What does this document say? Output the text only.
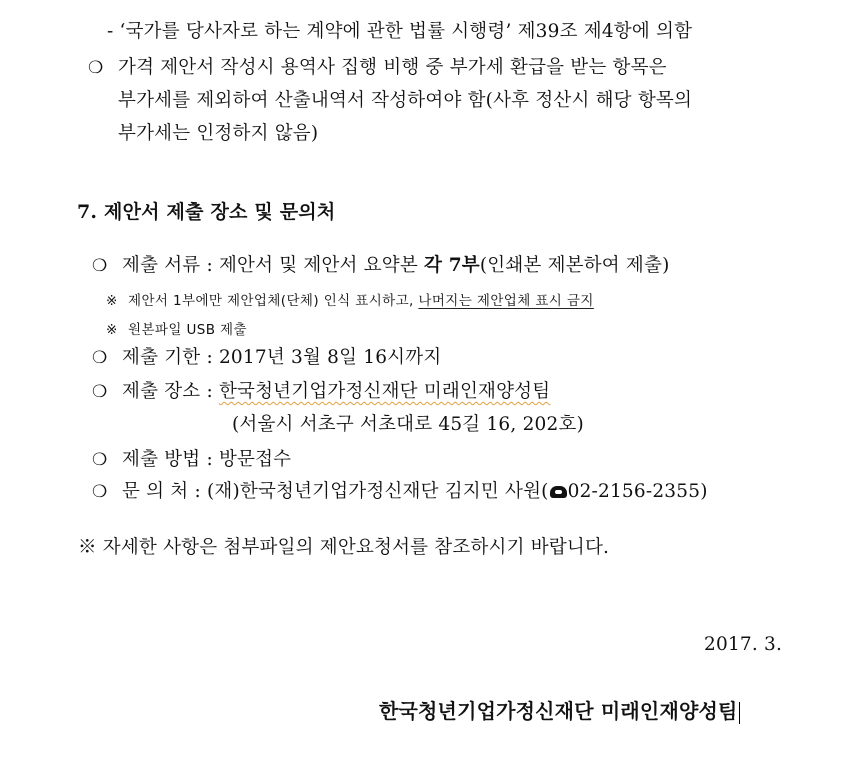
- ‘국가를 당사자로 하는 계약에 관한 법률 시행령’ 제39조 제4항에 의함
❍ 가격 제안서 작성시 용역사 집행 비행 중 부가세 환급을 받는 항목은
부가세를 제외하여 산출내역서 작성하여야 함(사후 정산시 해당 항목의
부가세는 인정하지 않음)
7. 제안서 제출 장소 및 문의처
❍ 제출 서류 : 제안서 및 제안서 요약본 각 7부(인쇄본 제본하여 제출)
※ 제안서 1부에만 제안업체(단체) 인식 표시하고, 나머지는 제안업체 표시 금지
※ 원본파일 USB 제출
❍ 제출 기한 : 2017년 3월 8일 16시까지
❍ 제출 장소 : 한국청년기업가정신재단 미래인재양성팀
(서울시 서초구 서초대로 45길 16, 202호)
❍ 제출 방법 : 방문접수
❍ 문 의 처 : (재)한국청년기업가정신재단 김지민 사원( 02-2156-2355)
※ 자세한 사항은 첨부파일의 제안요청서를 참조하시기 바랍니다.
2017. 3.
한국청년기업가정신재단 미래인재양성팀
